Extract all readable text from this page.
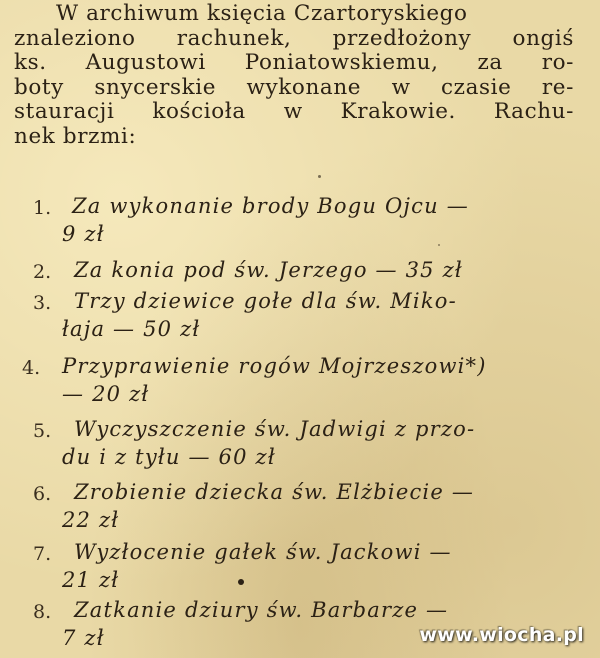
W archiwum księcia Czartoryskiego
znaleziono rachunek, przedłożony ongiś
ks. Augustowi Poniatowskiemu, za ro-
boty snycerskie wykonane w czasie re-
stauracji kościoła w Krakowie. Rachu-
nek brzmi:
1. Za wykonanie brody Bogu Ojcu —
9 zł
2. Za konia pod św. Jerzego — 35 zł
3. Trzy dziewice gołe dla św. Miko-
łaja — 50 zł
4. Przyprawienie rogów Mojrzeszowi*)
— 20 zł
5. Wyczyszczenie św. Jadwigi z przo-
du i z tyłu — 60 zł
6. Zrobienie dziecka św. Elżbiecie —
22 zł
7. Wyzłocenie gałek św. Jackowi —
21 zł
8. Zatkanie dziury św. Barbarze —
7 zł	www.wiocha.pl
